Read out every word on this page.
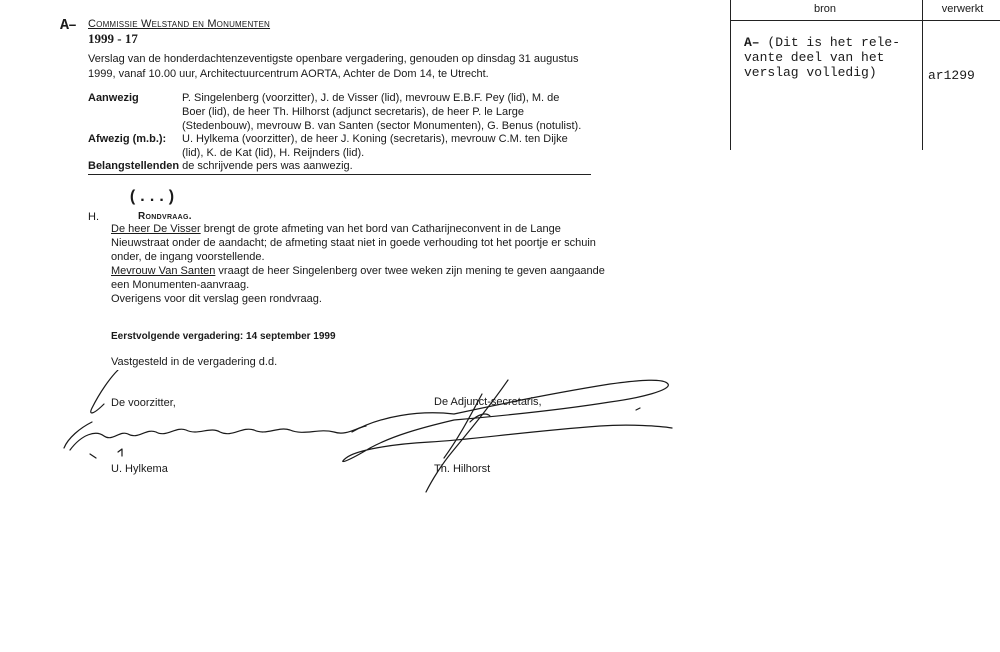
A– Commissie Welstand en Monumenten
1999 - 17
Verslag van de honderdachtenzeventigste openbare vergadering, genouden op dinsdag 31 augustus 1999, vanaf 10.00 uur, Architectuurcentrum AORTA, Achter de Dom 14, te Utrecht.
Aanwezig	P. Singelenberg (voorzitter), J. de Visser (lid), mevrouw E.B.F. Pey (lid), M. de Boer (lid), de heer Th. Hilhorst (adjunct secretaris), de heer P. le Large (Stedenbouw), mevrouw B. van Santen (sector Monumenten), G. Benus (notulist).
Afwezig (m.b.): U. Hylkema (voorzitter), de heer J. Koning (secretaris), mevrouw C.M. ten Dijke (lid), K. de Kat (lid), H. Reijnders (lid).
Belangstellenden de schrijvende pers was aanwezig.
(...)
H.	Rondvraag.
De heer De Visser brengt de grote afmeting van het bord van Catharijneconvent in de Lange Nieuwstraat onder de aandacht; de afmeting staat niet in goede verhouding tot het poortje er schuin onder, de ingang voorstellende.
Mevrouw Van Santen vraagt de heer Singelenberg over twee weken zijn mening te geven aangaande een Monumenten-aanvraag.
Overigens voor dit verslag geen rondvraag.
Eerstvolgende vergadering: 14 september 1999
Vastgesteld in de vergadering d.d.
De voorzitter,	De Adjunct-secretaris,
U. Hylkema	Th. Hilhorst
bron	verwerkt
A– (Dit is het rele-
vante deel van het
verslag volledig)	ar1299
